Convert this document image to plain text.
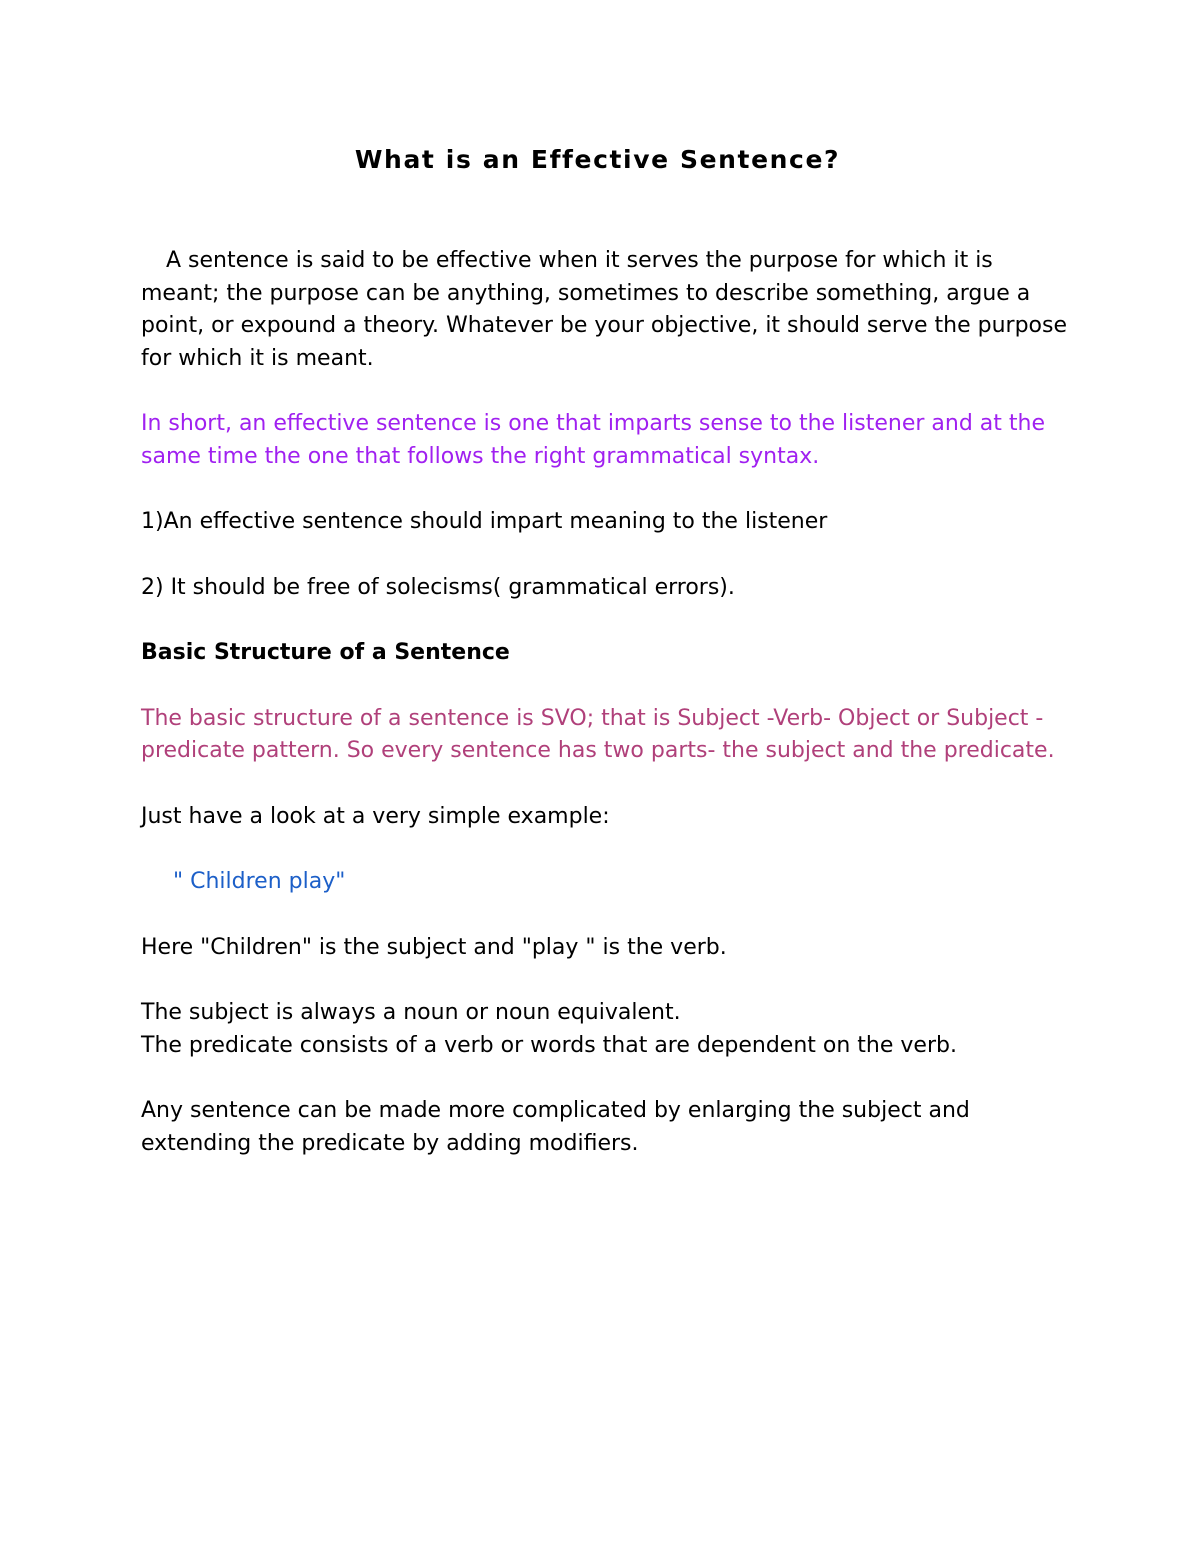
What is an Effective Sentence?

A sentence is said to be effective when it serves the purpose for which it is meant; the purpose can be anything, sometimes to describe something, argue a point, or expound a theory. Whatever be your objective, it should serve the purpose for which it is meant.

In short, an effective sentence is one that imparts sense to the listener and at the same time the one that follows the right grammatical syntax.

1)An effective sentence should impart meaning to the listener

2) It should be free of solecisms( grammatical errors).

Basic Structure of a Sentence

The basic structure of a sentence is SVO; that is Subject -Verb- Object or Subject -predicate pattern. So every sentence has two parts- the subject and the predicate.

Just have a look at a very simple example:

" Children play"

Here "Children" is the subject and "play " is the verb.

The subject is always a noun or noun equivalent.

The predicate consists of a verb or words that are dependent on the verb.

Any sentence can be made more complicated by enlarging the subject and extending the predicate by adding modifiers.
